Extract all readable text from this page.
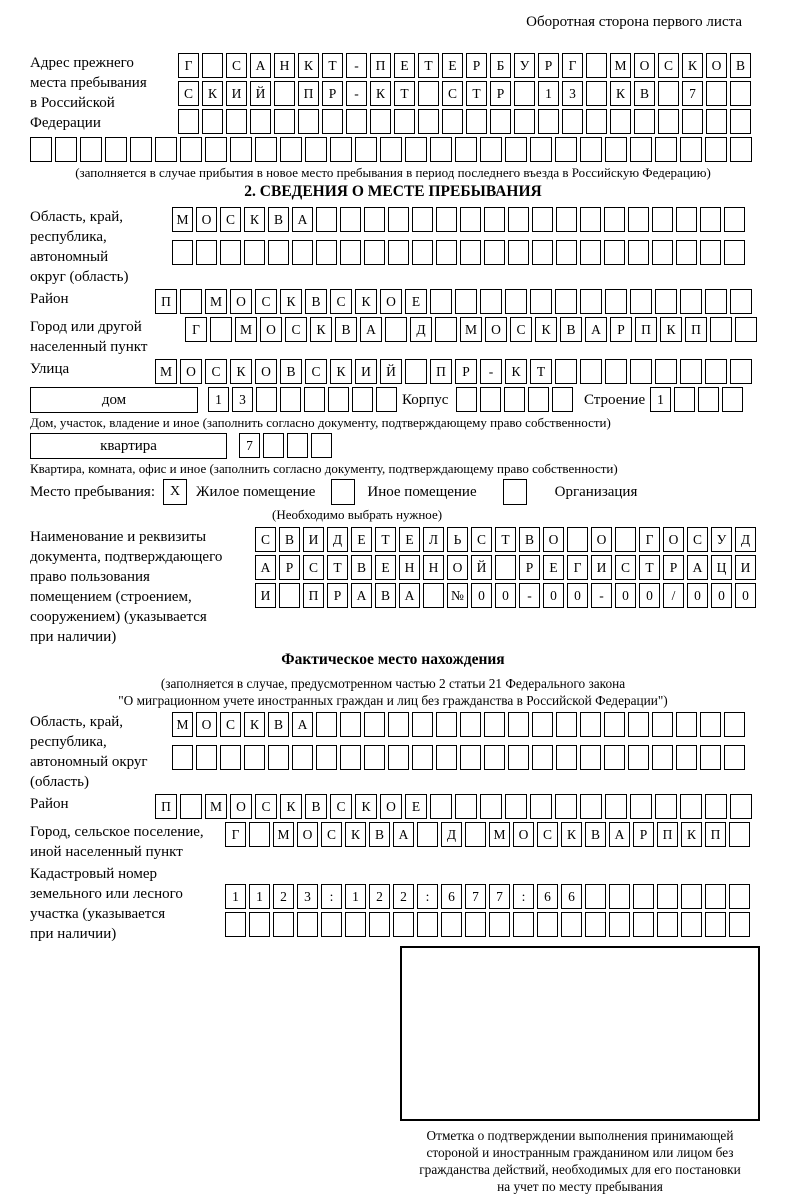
Оборотная сторона первого листа
Адрес прежнего
места пребывания
в Российской
Федерации
Г	С	А	Н	К	Т	-	П	Е	Т	Е	Р	Б	У	Р	Г	М О	С	К	О	В
С	К	И	Й	П	Р	-	К	Т	С	Т	Р	1	3	К	В	7
(заполняется в случае прибытия в новое место пребывания в период последнего въезда в Российскую Федерацию)
2. СВЕДЕНИЯ О МЕСТЕ ПРЕБЫВАНИЯ
Область, край,
республика,
автономный
округ (область)
М О	С	К	В	А
Район	П	М	О	С	К	В	С	К	О	Е
Город или другой
населенный пункт
Г	М	О	С	К	В	А	Д	М	О	С	К	В	А	Р	П	К	П
Улица	М	О	С	К	О	В	С	К	И	Й	П	Р	-	К	Т
дом	1	3	Корпус	Строение 1
Дом, участок, владение и иное (заполнить согласно документу, подтверждающему право собственности)
квартира	7
Квартира, комната, офис и иное (заполнить согласно документу, подтверждающему право собственности)
Место пребывания:	X	Жилое помещение	Иное помещение	Организация
(Необходимо выбрать нужное)
Наименование и реквизиты
документа, подтверждающего
право пользования
помещением (строением,
сооружением) (указывается
при наличии)
С	В	И	Д	Е	Т	Е	Л	Ь	С	Т	В	О	О	Г	О	С	У	Д
А	Р	С	Т	В	Е	Н	Н	О	Й	Р	Е	Г	И	С	Т	Р	А	Ц	И
И	П	Р	А	В	А	№	0	0	-	0	0	-	0	0	/	0	0	0
Фактическое место нахождения
(заполняется в случае, предусмотренном частью 2 статьи 21 Федерального закона
"О миграционном учете иностранных граждан и лиц без гражданства в Российской Федерации")
Область, край,
республика,
автономный округ
(область)
М О	С	К	В	А
Район	П	М	О	С	К	В	С	К	О	Е
Город, сельское поселение,
иной населенный пункт
Г	М О	С	К	В	А	Д	М О	С	К	В	А	Р	П	К	П
Кадастровый номер
земельного или лесного
участка (указывается
при наличии)
1	1	2	3	:	1	2	2	:	6	7	7	:	6	6
Отметка о подтверждении выполнения принимающей
стороной и иностранным гражданином или лицом без
гражданства действий, необходимых для его постановки
на учет по месту пребывания
